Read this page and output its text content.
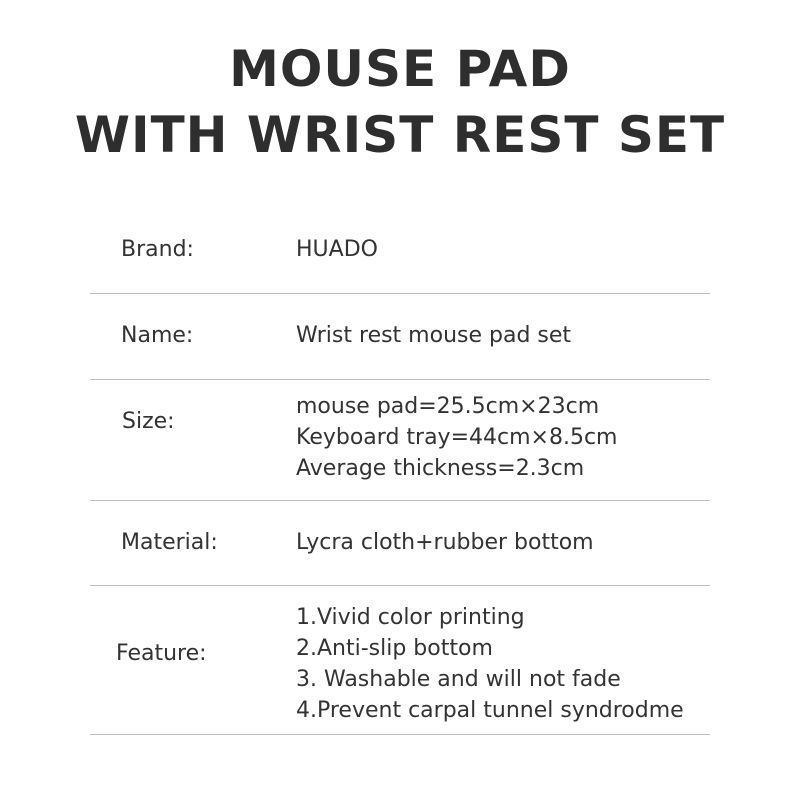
MOUSE PAD
WITH WRIST REST SET
Brand:	HUADO
Name:	Wrist rest mouse pad set
Size:
mouse pad=25.5cm×23cm
Keyboard tray=44cm×8.5cm
Average thickness=2.3cm
Material:	Lycra cloth+rubber bottom
Feature:
1.Vivid color printing
2.Anti-slip bottom
3. Washable and will not fade
4.Prevent carpal tunnel syndrodme
